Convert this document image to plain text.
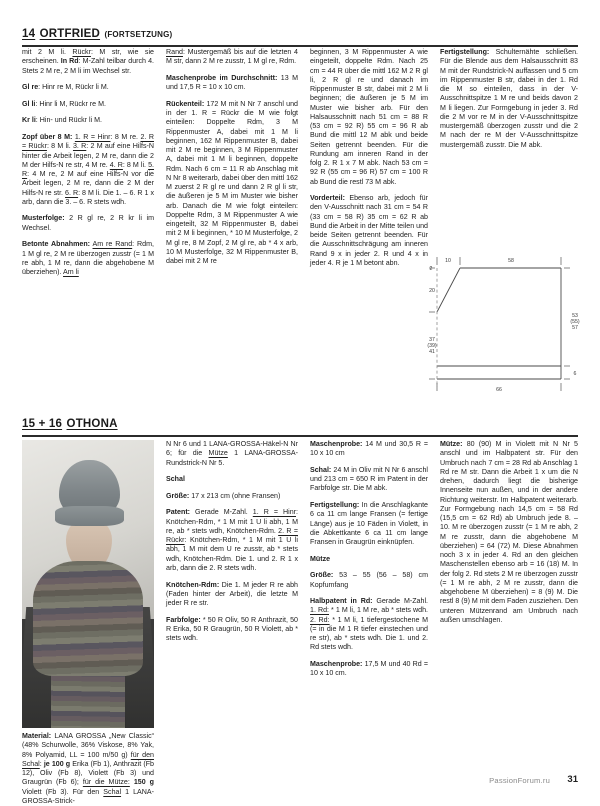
14 ORTFRIED (FORTSETZUNG)

mit 2 M li. Rückr: M str, wie sie erscheinen. In Rd: M-Zahl teilbar durch 4. Stets 2 M re, 2 M li im Wechsel str.

Gl re: Hinr re M, Rückr li M.

Gl li: Hinr li M, Rückr re M.

Kr li: Hin- und Rückr li M.

Zopf über 8 M: 1. R = Hinr: 8 M re. 2. R = Rückr: 8 M li. 3. R: 2 M auf eine Hilfs-N hinter die Arbeit legen, 2 M re, dann die 2 M der Hilfs-N re str, 4 M re. 4. R: 8 M li. 5. R: 4 M re, 2 M auf eine Hilfs-N vor die Arbeit legen, 2 M re, dann die 2 M der Hilfs-N re str. 6. R: 8 M li. Die 1. – 6. R 1 x arb, dann die 3. – 6. R stets wdh.

Musterfolge: 2 R gl re, 2 R kr li im Wechsel.

Betonte Abnahmen: Am re Rand: Rdm, 1 M gl re, 2 M re überzogen zusstr (= 1 M re abh, 1 M re, dann die abgehobene M überziehen). Am li

Rand: Mustergemäß bis auf die letzten 4 M str, dann 2 M re zusstr, 1 M gl re, Rdm.

Maschenprobe im Durchschnitt: 13 M und 17,5 R = 10 x 10 cm.

Rückenteil: 172 M mit N Nr 7 anschl und in der 1. R = Rückr die M wie folgt einteilen: Doppelte Rdm, 3 M Rippenmuster A, dabei mit 1 M li beginnen, 162 M Rippenmuster B, dabei mit 2 M re beginnen, 3 M Rippenmuster A, dabei mit 1 M li beginnen, doppelte Rdm. Nach 6 cm = 11 R ab Anschlag mit N Nr 8 weiterarb, dabei über den mittl 162 M zuerst 2 R gl re und dann 2 R gl li str, die äußeren je 5 M im Muster wie bisher arb. Danach die M wie folgt einteilen: Doppelte Rdm, 3 M Rippenmuster A wie eingeteilt, 32 M Rippenmuster B, dabei mit 2 M li beginnen, * 10 M Musterfolge, 2 M gl re, 8 M Zopf, 2 M gl re, ab * 4 x arb, 10 M Musterfolge, 32 M Rippenmuster B, dabei mit 2 M re

beginnen, 3 M Rippenmuster A wie eingeteilt, doppelte Rdm. Nach 25 cm = 44 R über die mittl 162 M 2 R gl li, 2 R gl re und danach im Rippenmuster B str, dabei mit 2 M li beginnen; die äußeren je 5 M im Muster wie bisher arb. Für den Halsausschnitt nach 51 cm = 88 R (53 cm = 92 R) 55 cm = 96 R ab Bund die mittl 12 M abk und beide Seiten getrennt beenden. Für die Rundung am inneren Rand in der folg 2. R 1 x 7 M abk. Nach 53 cm = 92 R (55 cm = 96 R) 57 cm = 100 R ab Bund die restl 73 M abk.

Vorderteil: Ebenso arb, jedoch für den V-Ausschnitt nach 31 cm = 54 R (33 cm = 58 R) 35 cm = 62 R ab Bund die Arbeit in der Mitte teilen und beide Seiten getrennt beenden. Für die Ausschnittschrägung am inneren Rand 9 x in jeder 2. R und 4 x in jeder 4. R je 1 M betont abn.

Fertigstellung: Schulternähte schließen. Für die Blende aus dem Halsausschnitt 83 M mit der Rundstrick-N auffassen und 5 cm im Rippenmuster B str, dabei in der 1. Rd die M so einteilen, dass in der V-Ausschnittspitze 1 M re und beids davon 2 M li liegen. Zur Formgebung in jeder 3. Rd die 2 M vor re M in der V-Ausschnittspitze mustergemäß überzogen zusstr und die 2 M nach der re M der V-Ausschnittspitze mustergemäß zusstr. Die M abk.

10	58
66
20
37
(39)
41
53
(55)
57
6
2
15 + 16 OTHONA

Material: LANA GROSSA „New Classic“ (48% Schurwolle, 36% Viskose, 8% Yak, 8% Polyamid, LL = 100 m/50 g) für den Schal: je 100 g Erika (Fb 1), Anthrazit (Fb 12), Oliv (Fb 8), Violett (Fb 3) und Graugrün (Fb 6); für die Mütze: 150 g Violett (Fb 3). Für den Schal 1 LANA-GROSSA-Strick-

N Nr 6 und 1 LANA-GROSSA-Häkel-N Nr 6; für die Mütze 1 LANA-GROSSA-Rundstrick-N Nr 5.

Schal

Größe: 17 x 213 cm (ohne Fransen)

Patent: Gerade M-Zahl. 1. R = Hinr: Knötchen-Rdm, * 1 M mit 1 U li abh, 1 M re, ab * stets wdh, Knötchen-Rdm. 2. R = Rückr: Knötchen-Rdm, * 1 M mit 1 U li abh, 1 M mit dem U re zusstr, ab * stets wdh, Knötchen-Rdm. Die 1. und 2. R 1 x arb, dann die 2. R stets wdh.

Knötchen-Rdm: Die 1. M jeder R re abh (Faden hinter der Arbeit), die letzte M jeder R re str.

Farbfolge: * 50 R Oliv, 50 R Anthrazit, 50 R Erika, 50 R Graugrün, 50 R Violett, ab * stets wdh.

Maschenprobe: 14 M und 30,5 R = 10 x 10 cm

Schal: 24 M in Oliv mit N Nr 6 anschl und 213 cm = 650 R im Patent in der Farbfolge str. Die M abk.

Fertigstellung: In die Anschlagkante 6 ca 11 cm lange Fransen (= fertige Länge) aus je 10 Fäden in Violett, in die Abkettkante 6 ca 11 cm lange Fransen in Graugrün einknüpfen.

Mütze

Größe: 53 – 55 (56 – 58) cm Kopfumfang

Halbpatent in Rd: Gerade M-Zahl. 1. Rd: * 1 M li, 1 M re, ab * stets wdh. 2. Rd: * 1 M li, 1 tiefergestochene M (= in die M 1 R tiefer einstechen und re str), ab * stets wdh. Die 1. und 2. Rd stets wdh.

Maschenprobe: 17,5 M und 40 Rd = 10 x 10 cm.

Mütze: 80 (90) M in Violett mit N Nr 5 anschl und im Halbpatent str. Für den Umbruch nach 7 cm = 28 Rd ab Anschlag 1 Rd re M str. Dann die Arbeit 1 x um die N drehen, dadurch liegt die bisherige Innenseite nun außen, und in der andere Richtung weiterstr. Im Halbpatent weiterarb. Zur Formgebung nach 14,5 cm = 58 Rd (15,5 cm = 62 Rd) ab Umbruch jede 8. – 10. M re überzogen zusstr (= 1 M re abh, 2 M re zusstr, dann die abgehobene M überziehen) = 64 (72) M. Diese Abnahmen noch 3 x in jeder 4. Rd an den gleichen Maschenstellen ebenso arb = 16 (18) M. In der folg 2. Rd stets 2 M re überzogen zusstr (= 1 M re abh, 2 M re zusstr, dann die abgehobene M überziehen) = 8 (9) M. Die restl 8 (9) M mit dem Faden zusziehen. Den unteren Mützenrand am Umbruch nach außen umschlagen.

31
PassionForum.ru
